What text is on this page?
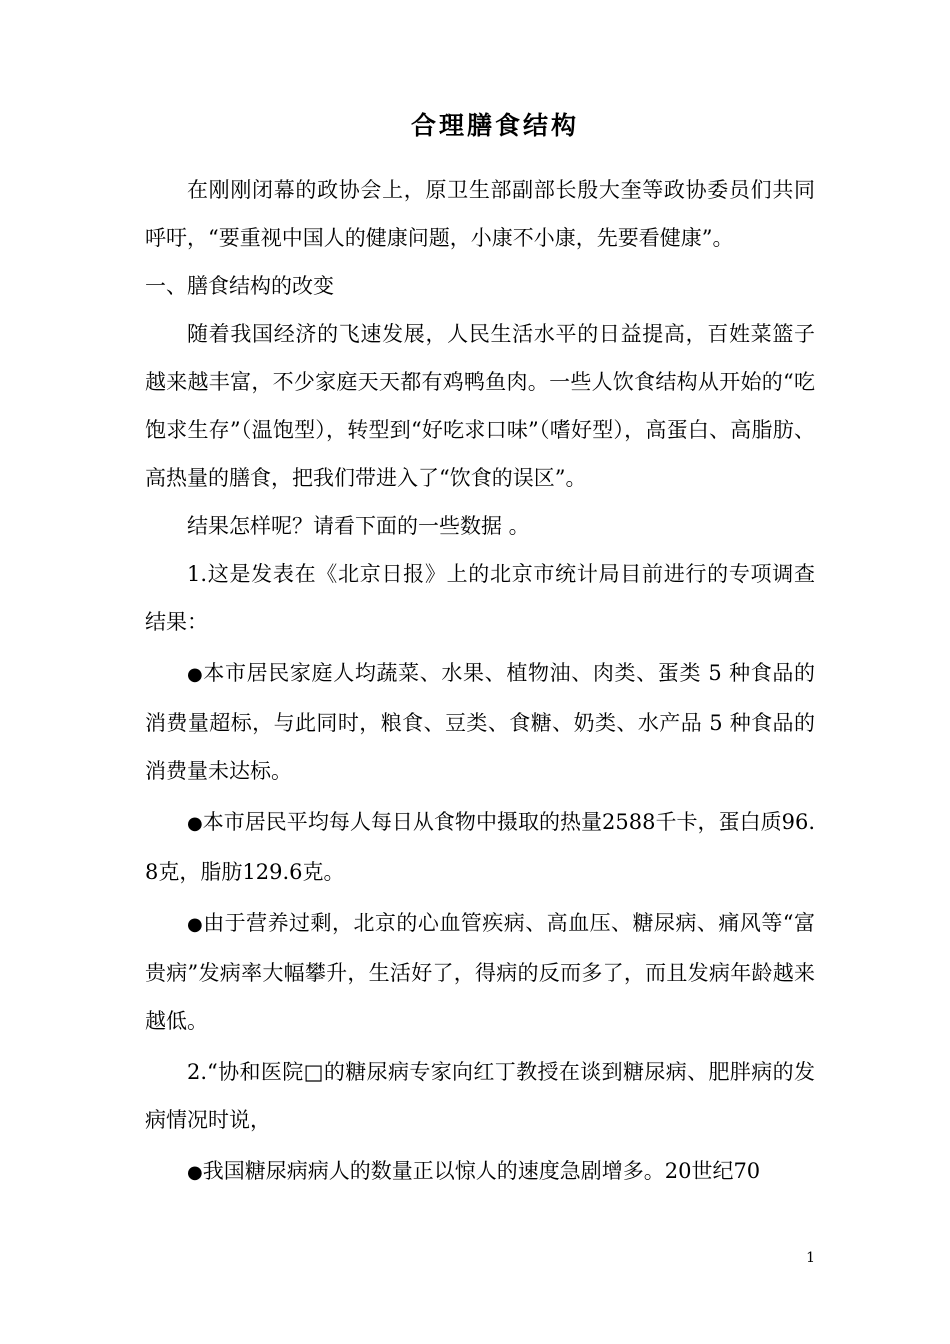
合理膳食结构

在刚刚闭幕的政协会上，原卫生部副部长殷大奎等政协委员们共同呼吁，“要重视中国人的健康问题，小康不小康，先要看健康”。

一、膳食结构的改变

随着我国经济的飞速发展，人民生活水平的日益提高，百姓菜篮子越来越丰富，不少家庭天天都有鸡鸭鱼肉。一些人饮食结构从开始的“吃饱求生存”（温饱型），转型到“好吃求口味”（嗜好型），高蛋白、高脂肪、高热量的膳食，把我们带进入了“饮食的误区”。

结果怎样呢？请看下面的一些数据 。

1.这是发表在《北京日报》上的北京市统计局目前进行的专项调查结果：

●本市居民家庭人均蔬菜、水果、植物油、肉类、蛋类 5 种食品的消费量超标，与此同时，粮食、豆类、食糖、奶类、水产品 5 种食品的消费量未达标。

●本市居民平均每人每日从食物中摄取的热量2588千卡，蛋白质96.8克，脂肪129.6克。

●由于营养过剩，北京的心血管疾病、高血压、糖尿病、痛风等“富贵病”发病率大幅攀升，生活好了，得病的反而多了，而且发病年龄越来越低。

2.“协和医院□的糖尿病专家向红丁教授在谈到糖尿病、肥胖病的发病情况时说，

●我国糖尿病病人的数量正以惊人的速度急剧增多。20世纪70

1
